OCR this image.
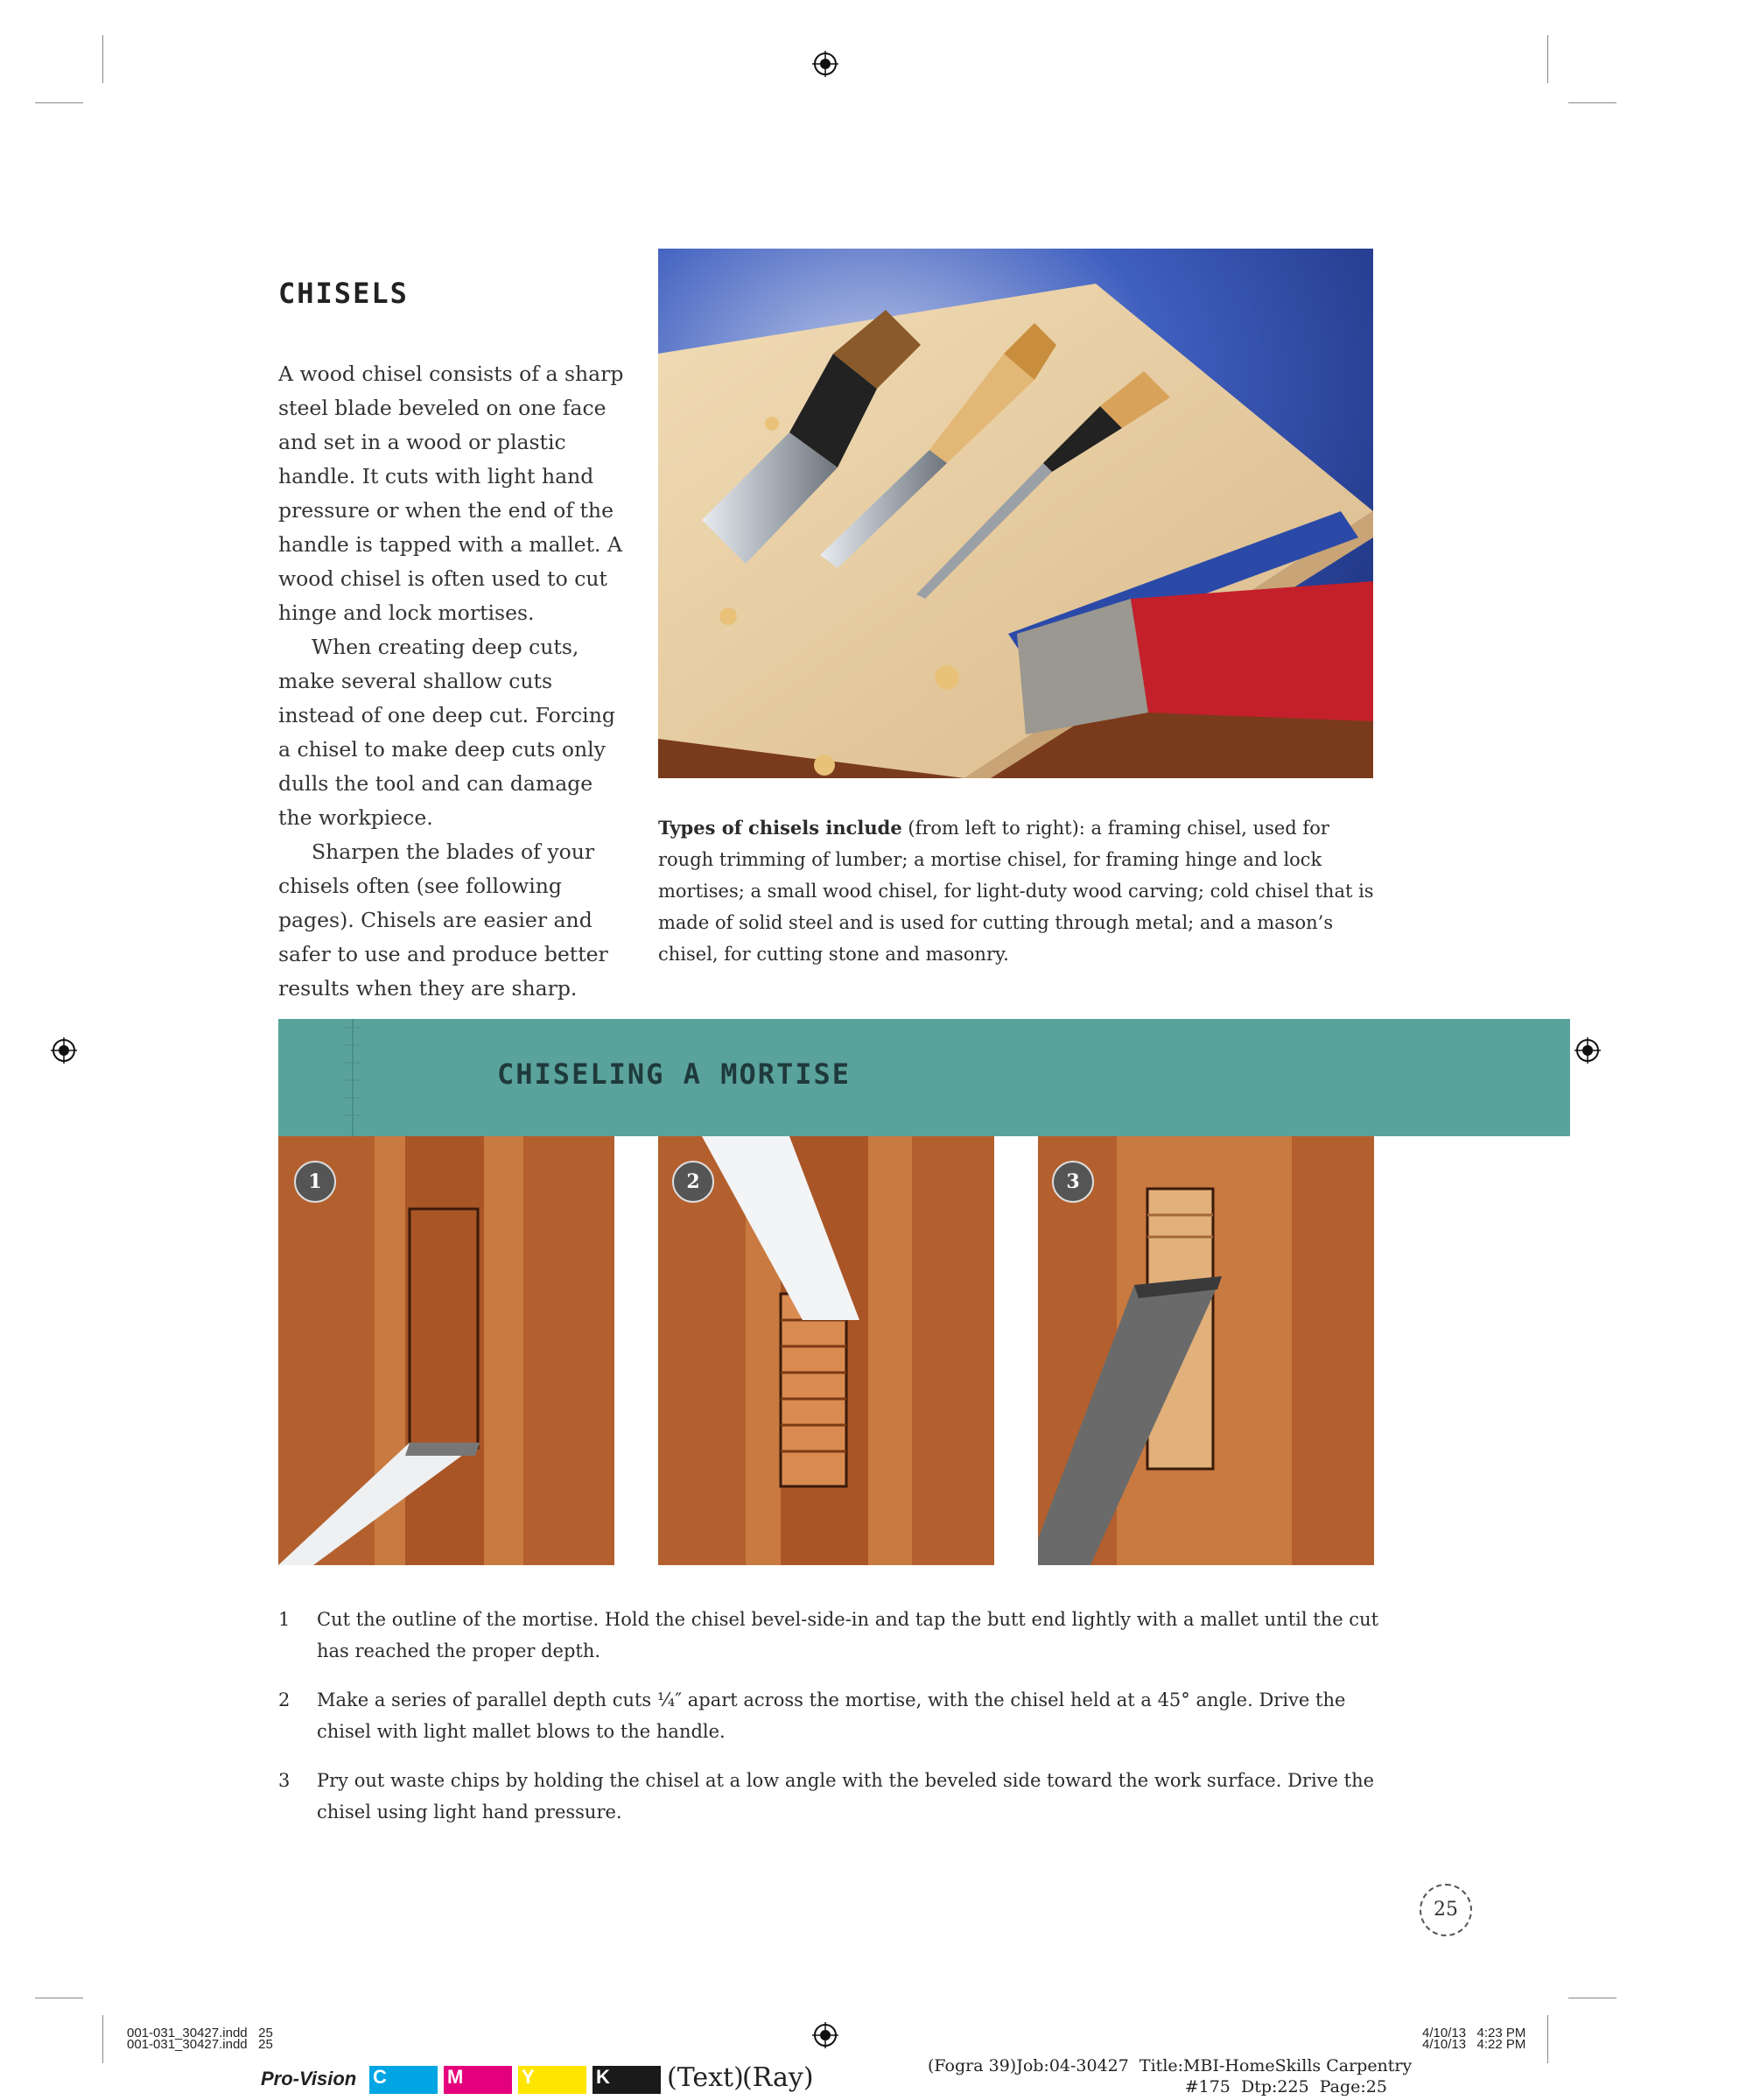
CHISELS

A wood chisel consists of a sharp steel blade beveled on one face and set in a wood or plastic handle. It cuts with light hand pressure or when the end of the handle is tapped with a mallet. A wood chisel is often used to cut hinge and lock mortises.

When creating deep cuts, make several shallow cuts instead of one deep cut. Forcing a chisel to make deep cuts only dulls the tool and can damage the workpiece.

Sharpen the blades of your chisels often (see following pages). Chisels are easier and safer to use and produce better results when they are sharp.

Types of chisels include (from left to right): a framing chisel, used for rough trimming of lumber; a mortise chisel, for framing hinge and lock mortises; a small wood chisel, for light-duty wood carving; cold chisel that is made of solid steel and is used for cutting through metal; and a mason’s chisel, for cutting stone and masonry.
CHISELING A MORTISE
1	2	3
1	Cut the outline of the mortise. Hold the chisel bevel-side-in and tap the butt end lightly with a mallet until the cut has reached the proper depth.
2	Make a series of parallel depth cuts ¼″ apart across the mortise, with the chisel held at a 45° angle. Drive the chisel with light mallet blows to the handle.
3	Pry out waste chips by holding the chisel at a low angle with the beveled side toward the work surface. Drive the chisel using light hand pressure.
25
001-031_30427.indd   25
001-031_30427.indd   25
4/10/13   4:23 PM
4/10/13   4:22 PM
Pro-Vision C	M	Y	K	(Text)
(Ray)	(Fogra 39)Job:04-30427  Title:MBI-HomeSkills Carpentry
#175  Dtp:225  Page:25
